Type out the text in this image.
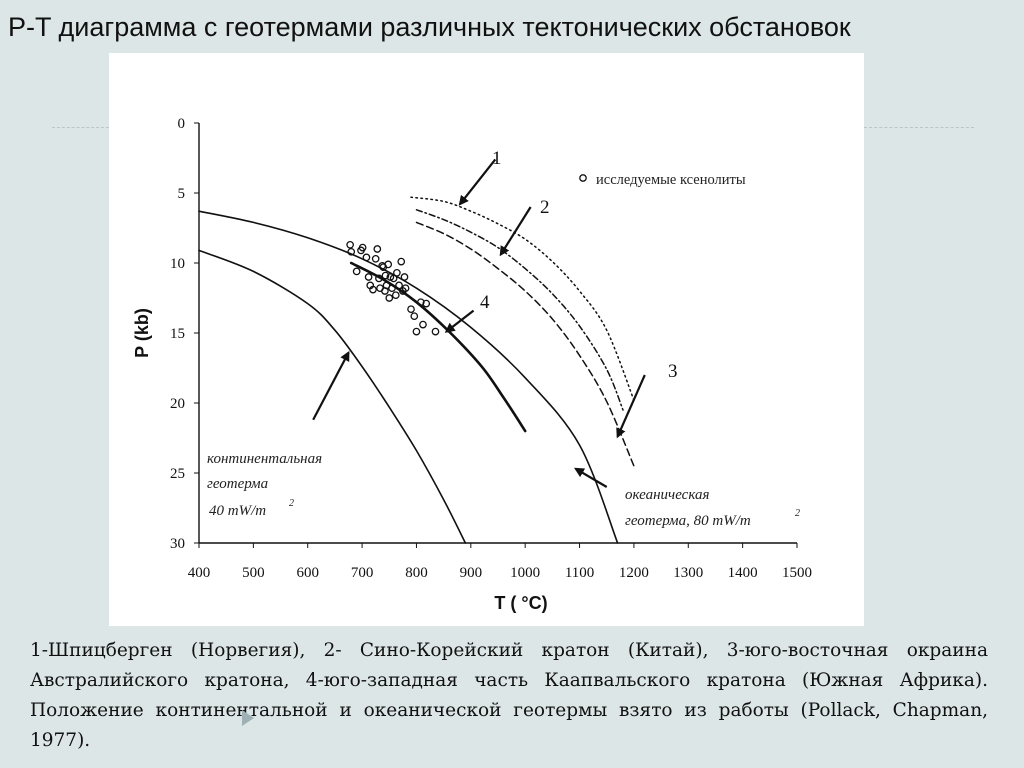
P-T диаграмма с геотермами различных тектонических обстановок
400 500 600 700 800 900 1000 1100 1200 1300 1400 1500
0
5
10
15
20
25
30
T ( °C)
P (kb)
исследуемые ксенолиты
континентальная
геотерма
40 mW/m 2
океаническая
геотерма, 80 mW/m	2
1
2
3
4
1-Шпицберген (Норвегия), 2- Сино-Корейский кратон (Китай), 3-юго-восточная окраина Австралийского кратона, 4-юго-западная часть Каапвальского кратона (Южная Африка). Положение континентальной и океанической геотермы взято из работы (Pollack, Chapman, 1977).
